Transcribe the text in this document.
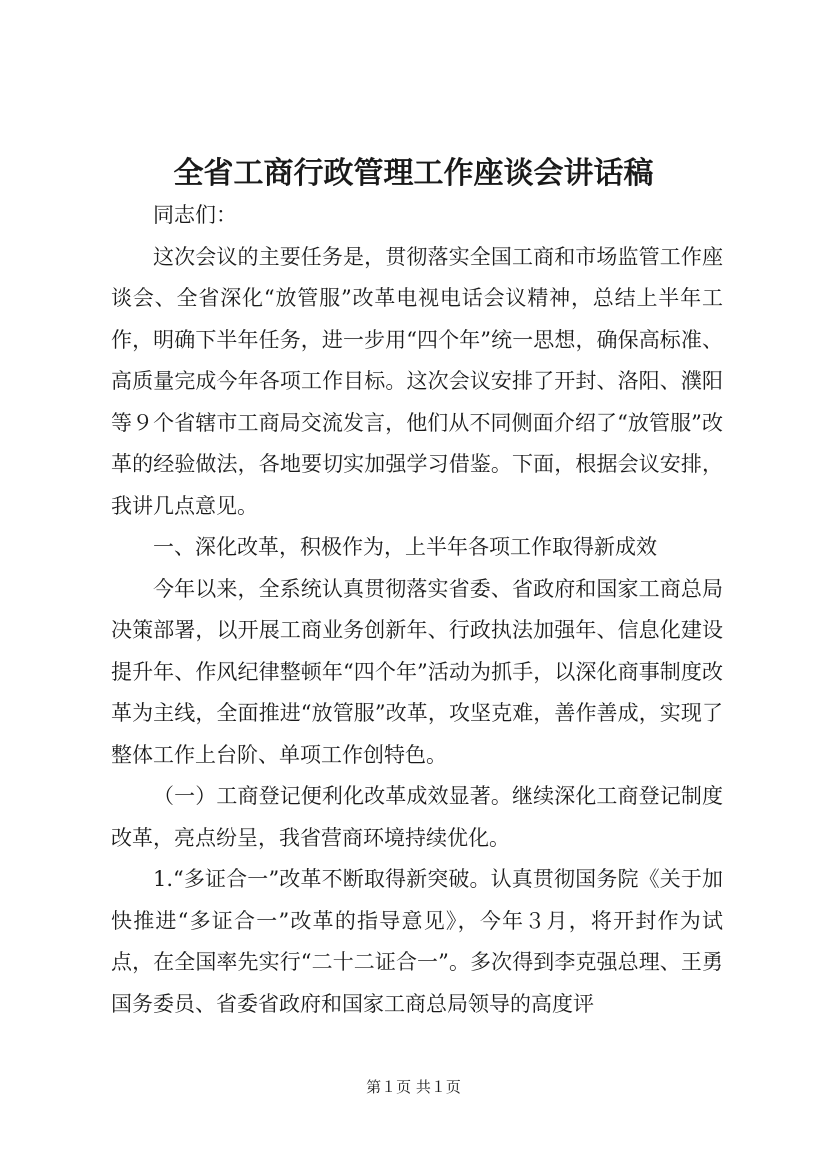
全省工商行政管理工作座谈会讲话稿

同志们：

这次会议的主要任务是，贯彻落实全国工商和市场监管工作座谈会、全省深化“放管服”改革电视电话会议精神，总结上半年工作，明确下半年任务，进一步用“四个年”统一思想，确保高标准、高质量完成今年各项工作目标。这次会议安排了开封、洛阳、濮阳等９个省辖市工商局交流发言，他们从不同侧面介绍了“放管服”改革的经验做法，各地要切实加强学习借鉴。下面，根据会议安排，我讲几点意见。

一、深化改革，积极作为，上半年各项工作取得新成效

今年以来，全系统认真贯彻落实省委、省政府和国家工商总局决策部署，以开展工商业务创新年、行政执法加强年、信息化建设提升年、作风纪律整顿年“四个年”活动为抓手，以深化商事制度改革为主线，全面推进“放管服”改革，攻坚克难，善作善成，实现了整体工作上台阶、单项工作创特色。

（一）工商登记便利化改革成效显著。继续深化工商登记制度改革，亮点纷呈，我省营商环境持续优化。

1.“多证合一”改革不断取得新突破。认真贯彻国务院《关于加快推进“多证合一”改革的指导意见》，今年３月，将开封作为试点，在全国率先实行“二十二证合一”。多次得到李克强总理、王勇国务委员、省委省政府和国家工商总局领导的高度评

第１页 共１页
